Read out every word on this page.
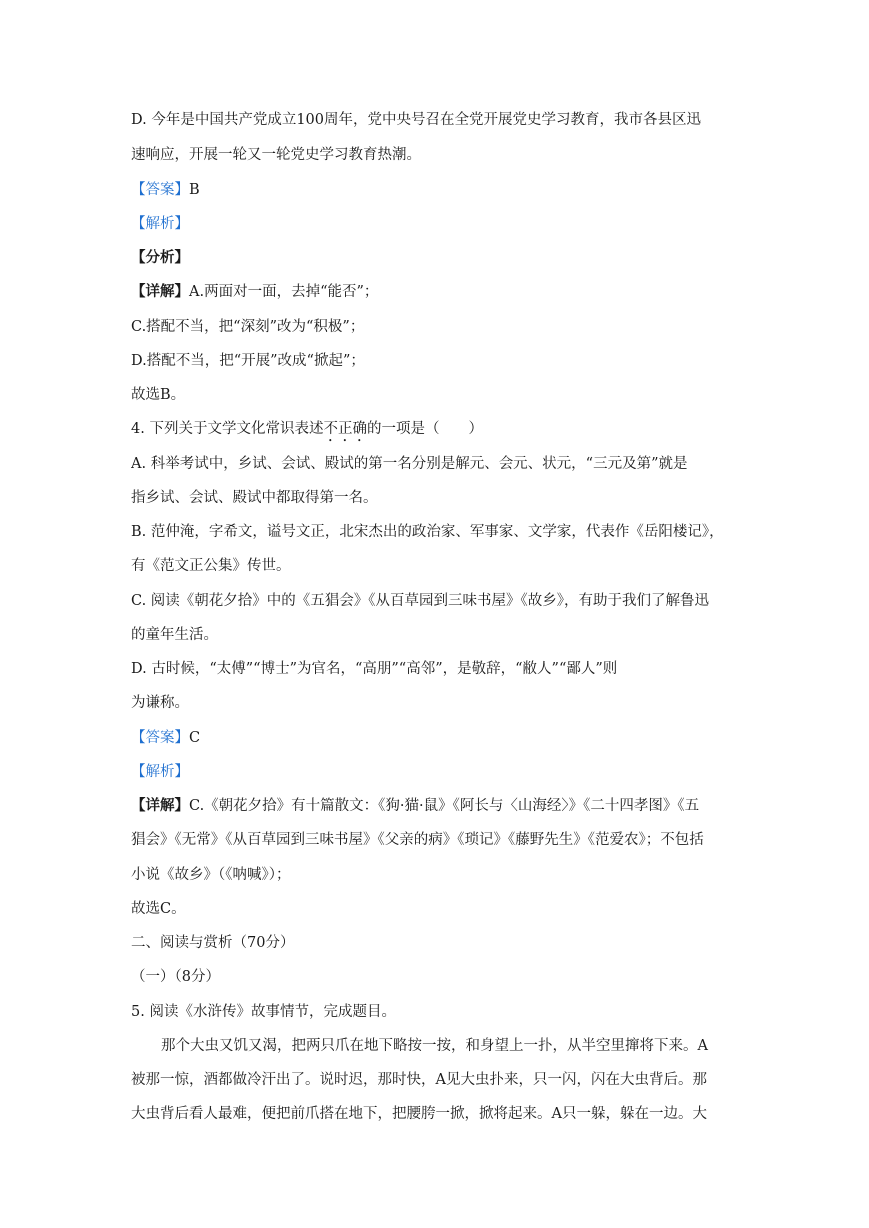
D. 今年是中国共产党成立100周年，党中央号召在全党开展党史学习教育，我市各县区迅
速响应，开展一轮又一轮党史学习教育热潮。
【答案】B
【解析】
【分析】
【详解】A.两面对一面，去掉“能否”；
C.搭配不当，把“深刻”改为“积极”；
D.搭配不当，把“开展”改成“掀起”；
故选B。
4. 下列关于文学文化常识表述不正确的一项是（　　）
A. 科举考试中，乡试、会试、殿试的第一名分别是解元、会元、状元，“三元及第”就是
指乡试、会试、殿试中都取得第一名。
B. 范仲淹，字希文，谥号文正，北宋杰出的政治家、军事家、文学家，代表作《岳阳楼记》，
有《范文正公集》传世。
C. 阅读《朝花夕拾》中的《五猖会》《从百草园到三味书屋》《故乡》，有助于我们了解鲁迅
的童年生活。
D. 古时候，“太傅”“博士”为官名，“高朋”“高邻”，是敬辞，“敝人”“鄙人”则
为谦称。
【答案】C
【解析】
【详解】C.《朝花夕拾》有十篇散文：《狗·猫·鼠》《阿长与〈山海经〉》《二十四孝图》《五
猖会》《无常》《从百草园到三味书屋》《父亲的病》《琐记》《藤野先生》《范爱农》；不包括
小说《故乡》（《呐喊》）；
故选C。
二、阅读与赏析（70分）
（一）（8分）
5. 阅读《水浒传》故事情节，完成题目。
那个大虫又饥又渴，把两只爪在地下略按一按，和身望上一扑，从半空里撺将下来。A
被那一惊，酒都做冷汗出了。说时迟，那时快，A见大虫扑来，只一闪，闪在大虫背后。那
大虫背后看人最难，便把前爪搭在地下，把腰胯一掀，掀将起来。A只一躲，躲在一边。大
